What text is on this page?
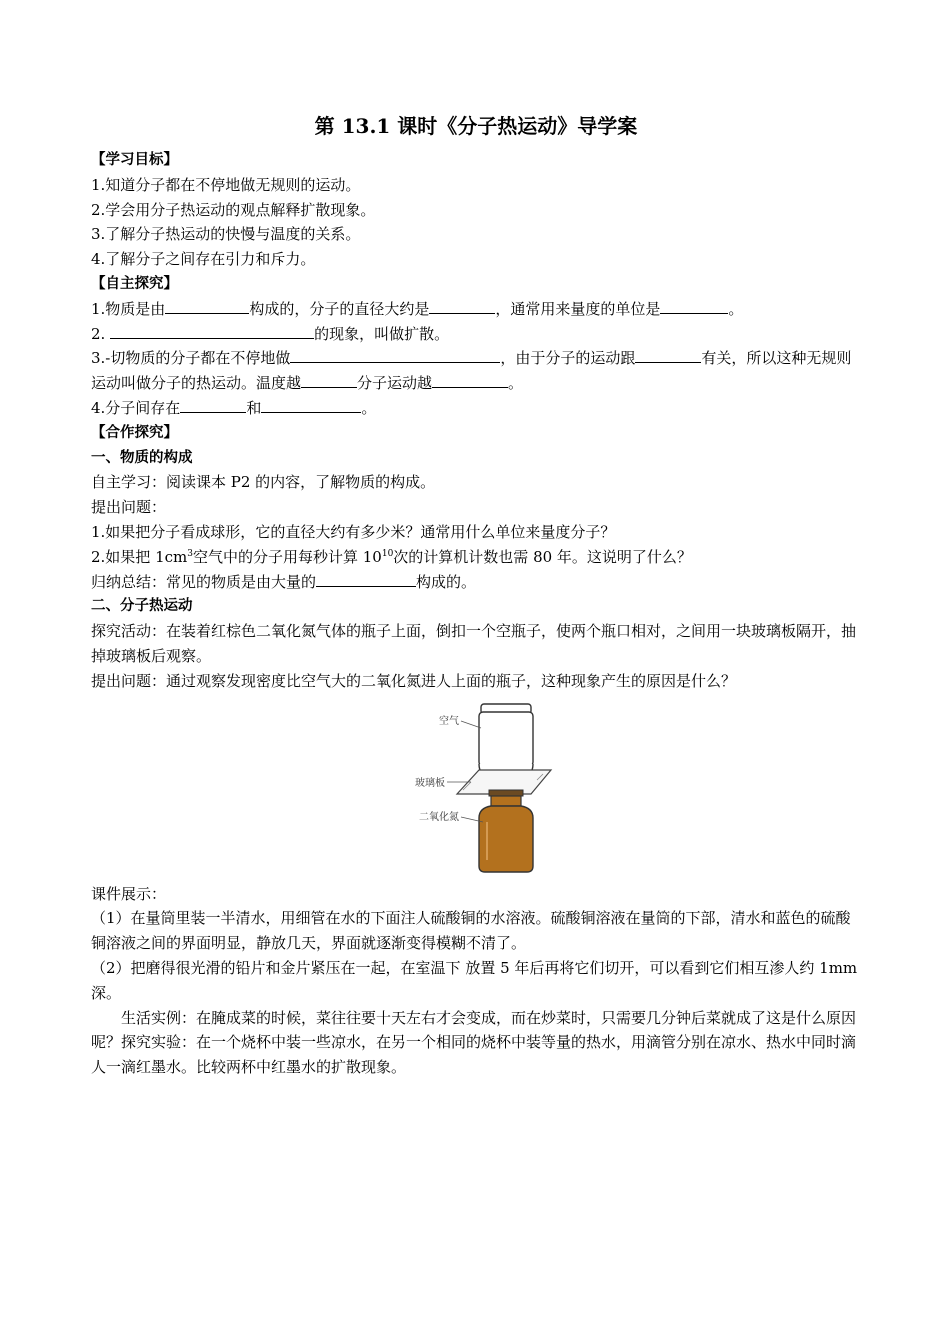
第 13.1 课时《分子热运动》导学案

【学习目标】

1.知道分子都在不停地做无规则的运动。

2.学会用分子热运动的观点解释扩散现象。

3.了解分子热运动的快慢与温度的关系。

4.了解分子之间存在引力和斥力。

【自主探究】

1.物质是由	构成的，分子的直径大约是	，通常用来量度的单位是	。

2.	的现象，叫做扩散。

3.-切物质的分子都在不停地做	，由于分子的运动跟	有关，所以这种无规则运动叫做分子的热运动。温度越	分子运动越	。

4.分子间存在	和	。

【合作探究】

一、物质的构成

自主学习：阅读课本 P2 的内容，了解物质的构成。

提出问题：

1.如果把分子看成球形，它的直径大约有多少米？通常用什么单位来量度分子？

2.如果把 $1cm^3$空气中的分子用每秒计算 $10^{10}$次的计算机计数也需 80 年。这说明了什么？

归纳总结：常见的物质是由大量的	构成的。

二、分子热运动

探究活动：在装着红棕色二氧化氮气体的瓶子上面，倒扣一个空瓶子，使两个瓶口相对，之间用一块玻璃板隔开，抽掉玻璃板后观察。

提出问题：通过观察发现密度比空气大的二氧化氮进人上面的瓶子，这种现象产生的原因是什么？

空气
玻璃板
二氧化氮

课件展示：

（1）在量筒里装一半清水，用细管在水的下面注人硫酸铜的水溶液。硫酸铜溶液在量筒的下部，清水和蓝色的硫酸铜溶液之间的界面明显，静放几天，界面就逐渐变得模糊不清了。

（2）把磨得很光滑的铅片和金片紧压在一起，在室温下 放置 5 年后再将它们切开，可以看到它们相互渗人约 1mm 深。

生活实例：在腌成菜的时候，菜往往要十天左右才会变成，而在炒菜时，只需要几分钟后菜就成了这是什么原因呢？探究实验：在一个烧杯中装一些凉水，在另一个相同的烧杯中装等量的热水，用滴管分别在凉水、热水中同时滴人一滴红墨水。比较两杯中红墨水的扩散现象。
